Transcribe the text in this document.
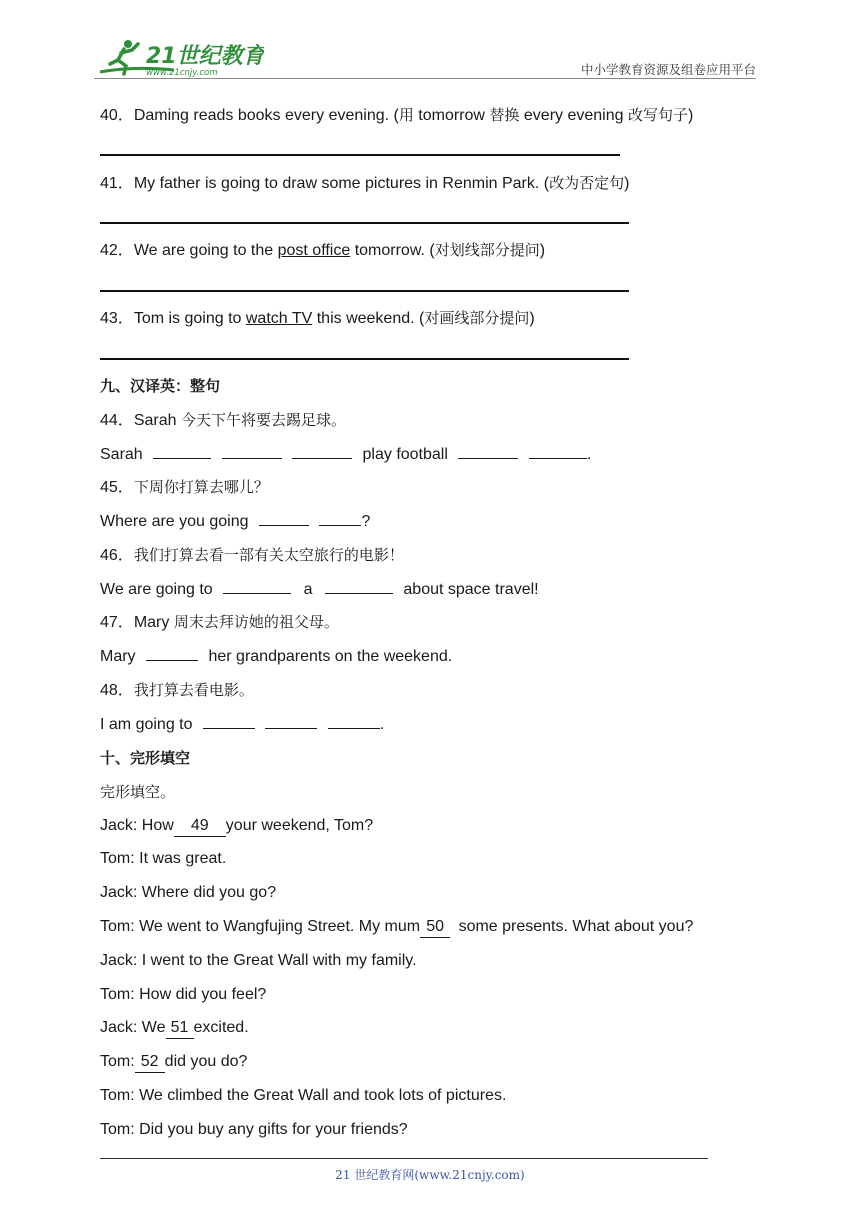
21世纪教育
www.21cnjy.com	中小学教育资源及组卷应用平台
40．Daming reads books every evening. (用 tomorrow 替换 every evening 改写句子)
41．My father is going to draw some pictures in Renmin Park. (改为否定句)
42．We are going to the post office tomorrow. (对划线部分提问)
43．Tom is going to watch TV this weekend. (对画线部分提问)
九、汉译英：整句
44．Sarah 今天下午将要去踢足球。
Sarah	play football	.
45．下周你打算去哪儿？
Where are you going	?
46．我们打算去看一部有关太空旅行的电影！
We are going to	a	about space travel!
47．Mary 周末去拜访她的祖父母。
Mary	her grandparents on the weekend.
48．我打算去看电影。
I am going to	.
十、完形填空
完形填空。
Jack: How 49 your weekend, Tom?
Tom: It was great.
Jack: Where did you go?
Tom: We went to Wangfujing Street. My mum 50 some presents. What about you?
Jack: I went to the Great Wall with my family.
Tom: How did you feel?
Jack: We 51 excited.
Tom: 52 did you do?
Tom: We climbed the Great Wall and took lots of pictures.
Tom: Did you buy any gifts for your friends?
21 世纪教育网(www.21cnjy.com)
